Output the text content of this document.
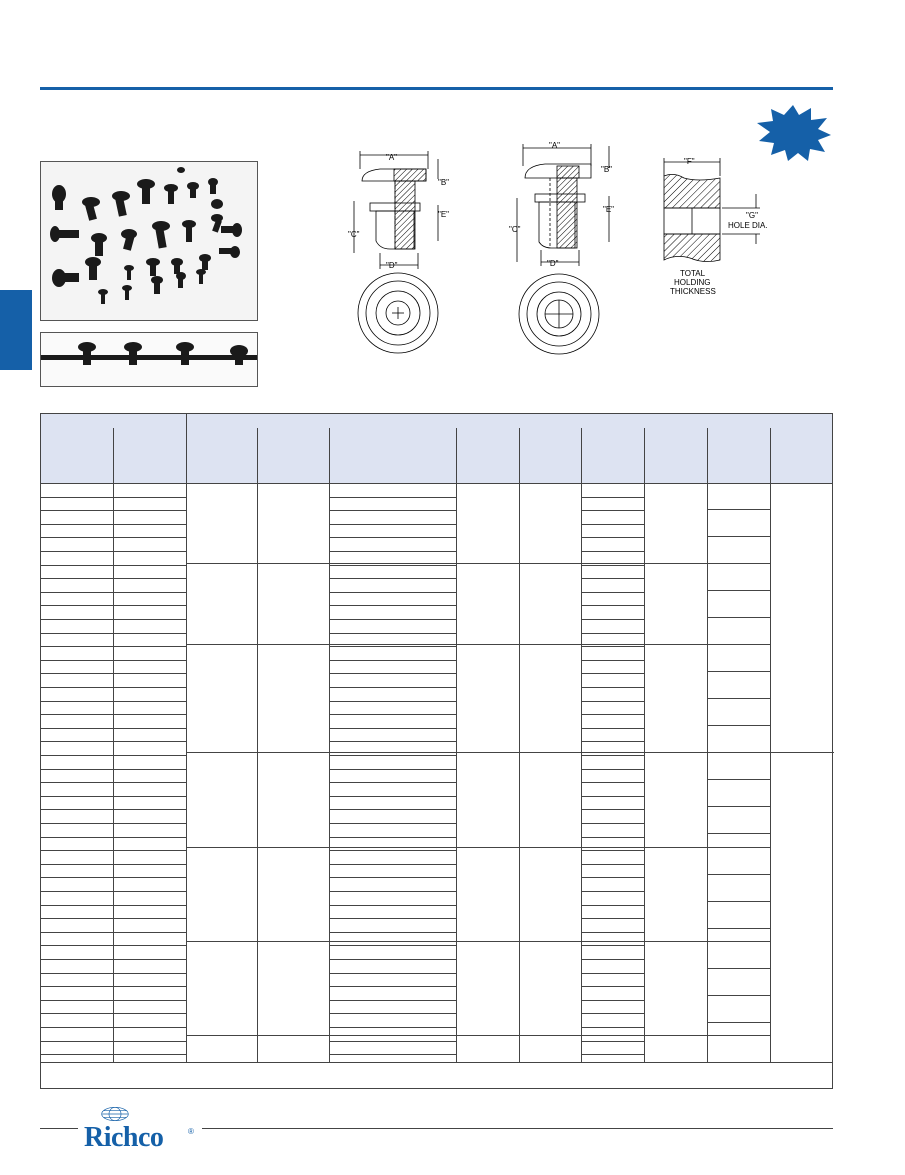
"A"
"B"
"E"
"C"
"D"
"A"
"B"
"E"
"C"
"D"
"F"
"G"
HOLE DIA.
TOTAL
HOLDING
THICKNESS
Richco	®
